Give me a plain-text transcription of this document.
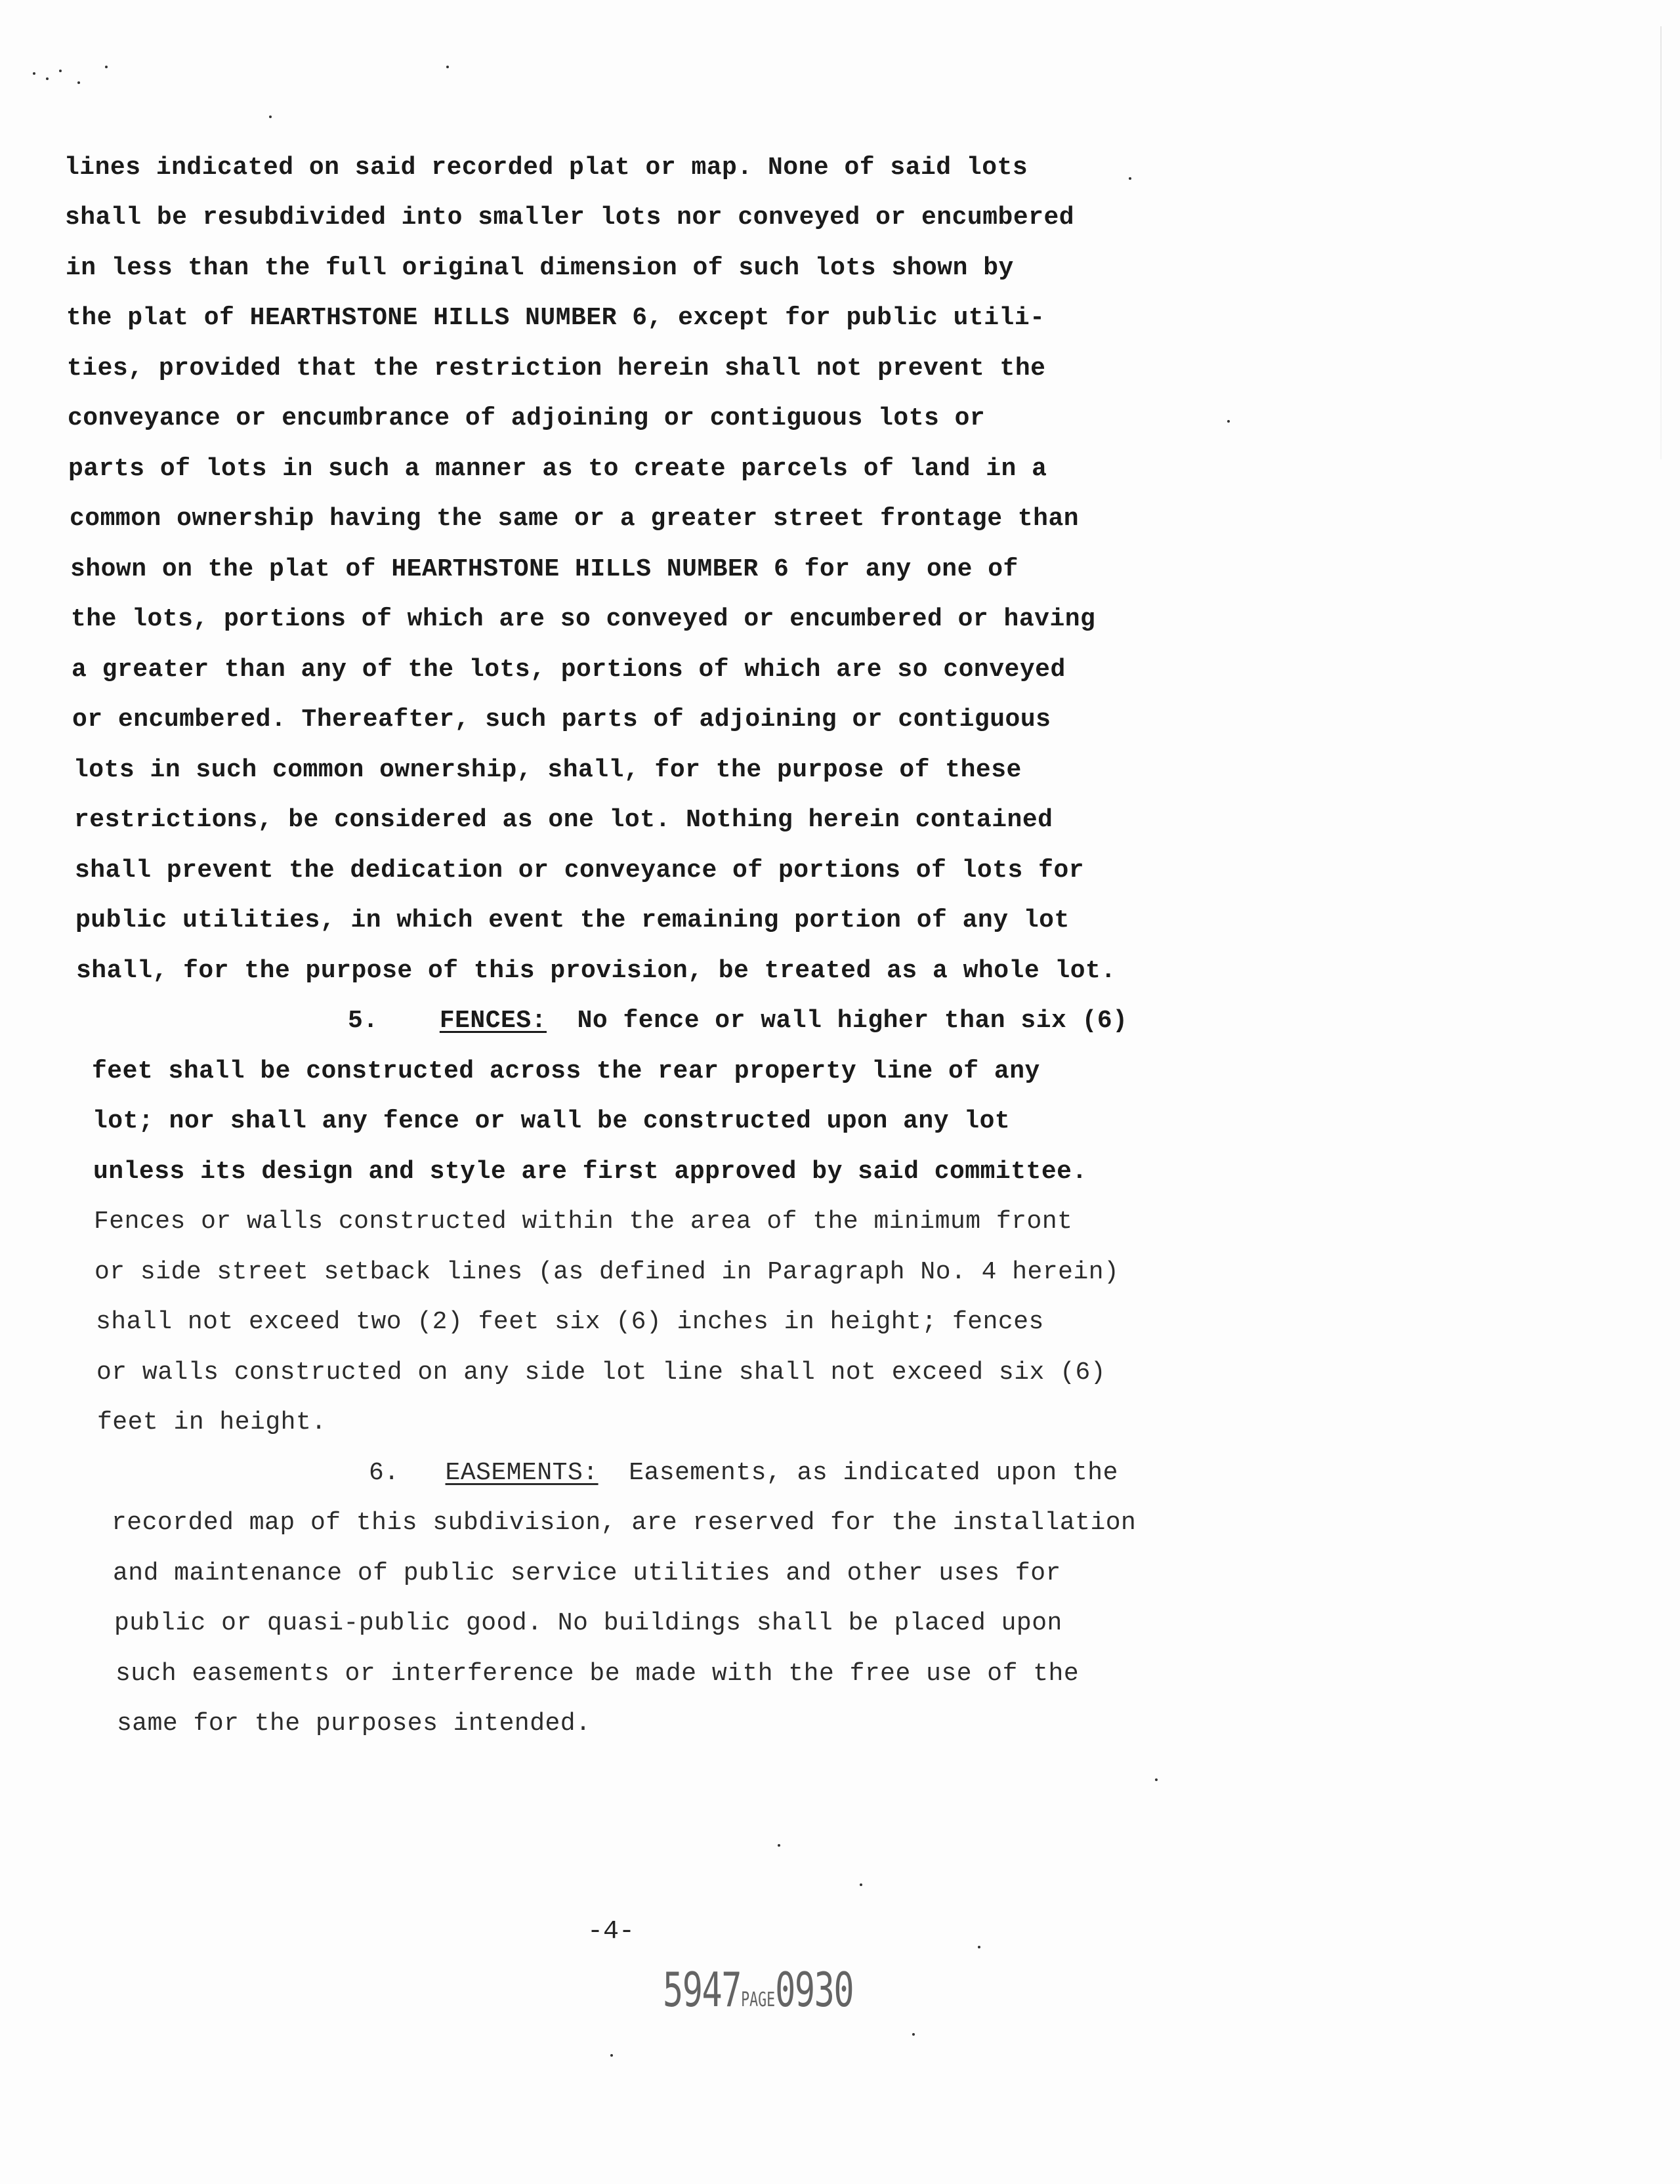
lines indicated on said recorded plat or map. None of said lots
shall be resubdivided into smaller lots nor conveyed or encumbered
in less than the full original dimension of such lots shown by
the plat of HEARTHSTONE HILLS NUMBER 6, except for public utili-
ties, provided that the restriction herein shall not prevent the
conveyance or encumbrance of adjoining or contiguous lots or
parts of lots in such a manner as to create parcels of land in a
common ownership having the same or a greater street frontage than
shown on the plat of HEARTHSTONE HILLS NUMBER 6 for any one of
the lots, portions of which are so conveyed or encumbered or having
a greater than any of the lots, portions of which are so conveyed
or encumbered. Thereafter, such parts of adjoining or contiguous
lots in such common ownership, shall, for the purpose of these
restrictions, be considered as one lot. Nothing herein contained
shall prevent the dedication or conveyance of portions of lots for
public utilities, in which event the remaining portion of any lot
shall, for the purpose of this provision, be treated as a whole lot.
5. FENCES: No fence or wall higher than six (6)
feet shall be constructed across the rear property line of any
lot; nor shall any fence or wall be constructed upon any lot
unless its design and style are first approved by said committee.
Fences or walls constructed within the area of the minimum front
or side street setback lines (as defined in Paragraph No. 4 herein)
shall not exceed two (2) feet six (6) inches in height; fences
or walls constructed on any side lot line shall not exceed six (6)
feet in height.
6. EASEMENTS: Easements, as indicated upon the
recorded map of this subdivision, are reserved for the installation
and maintenance of public service utilities and other uses for
public or quasi-public good. No buildings shall be placed upon
such easements or interference be made with the free use of the
same for the purposes intended.
-4-
5947PAGE0930
